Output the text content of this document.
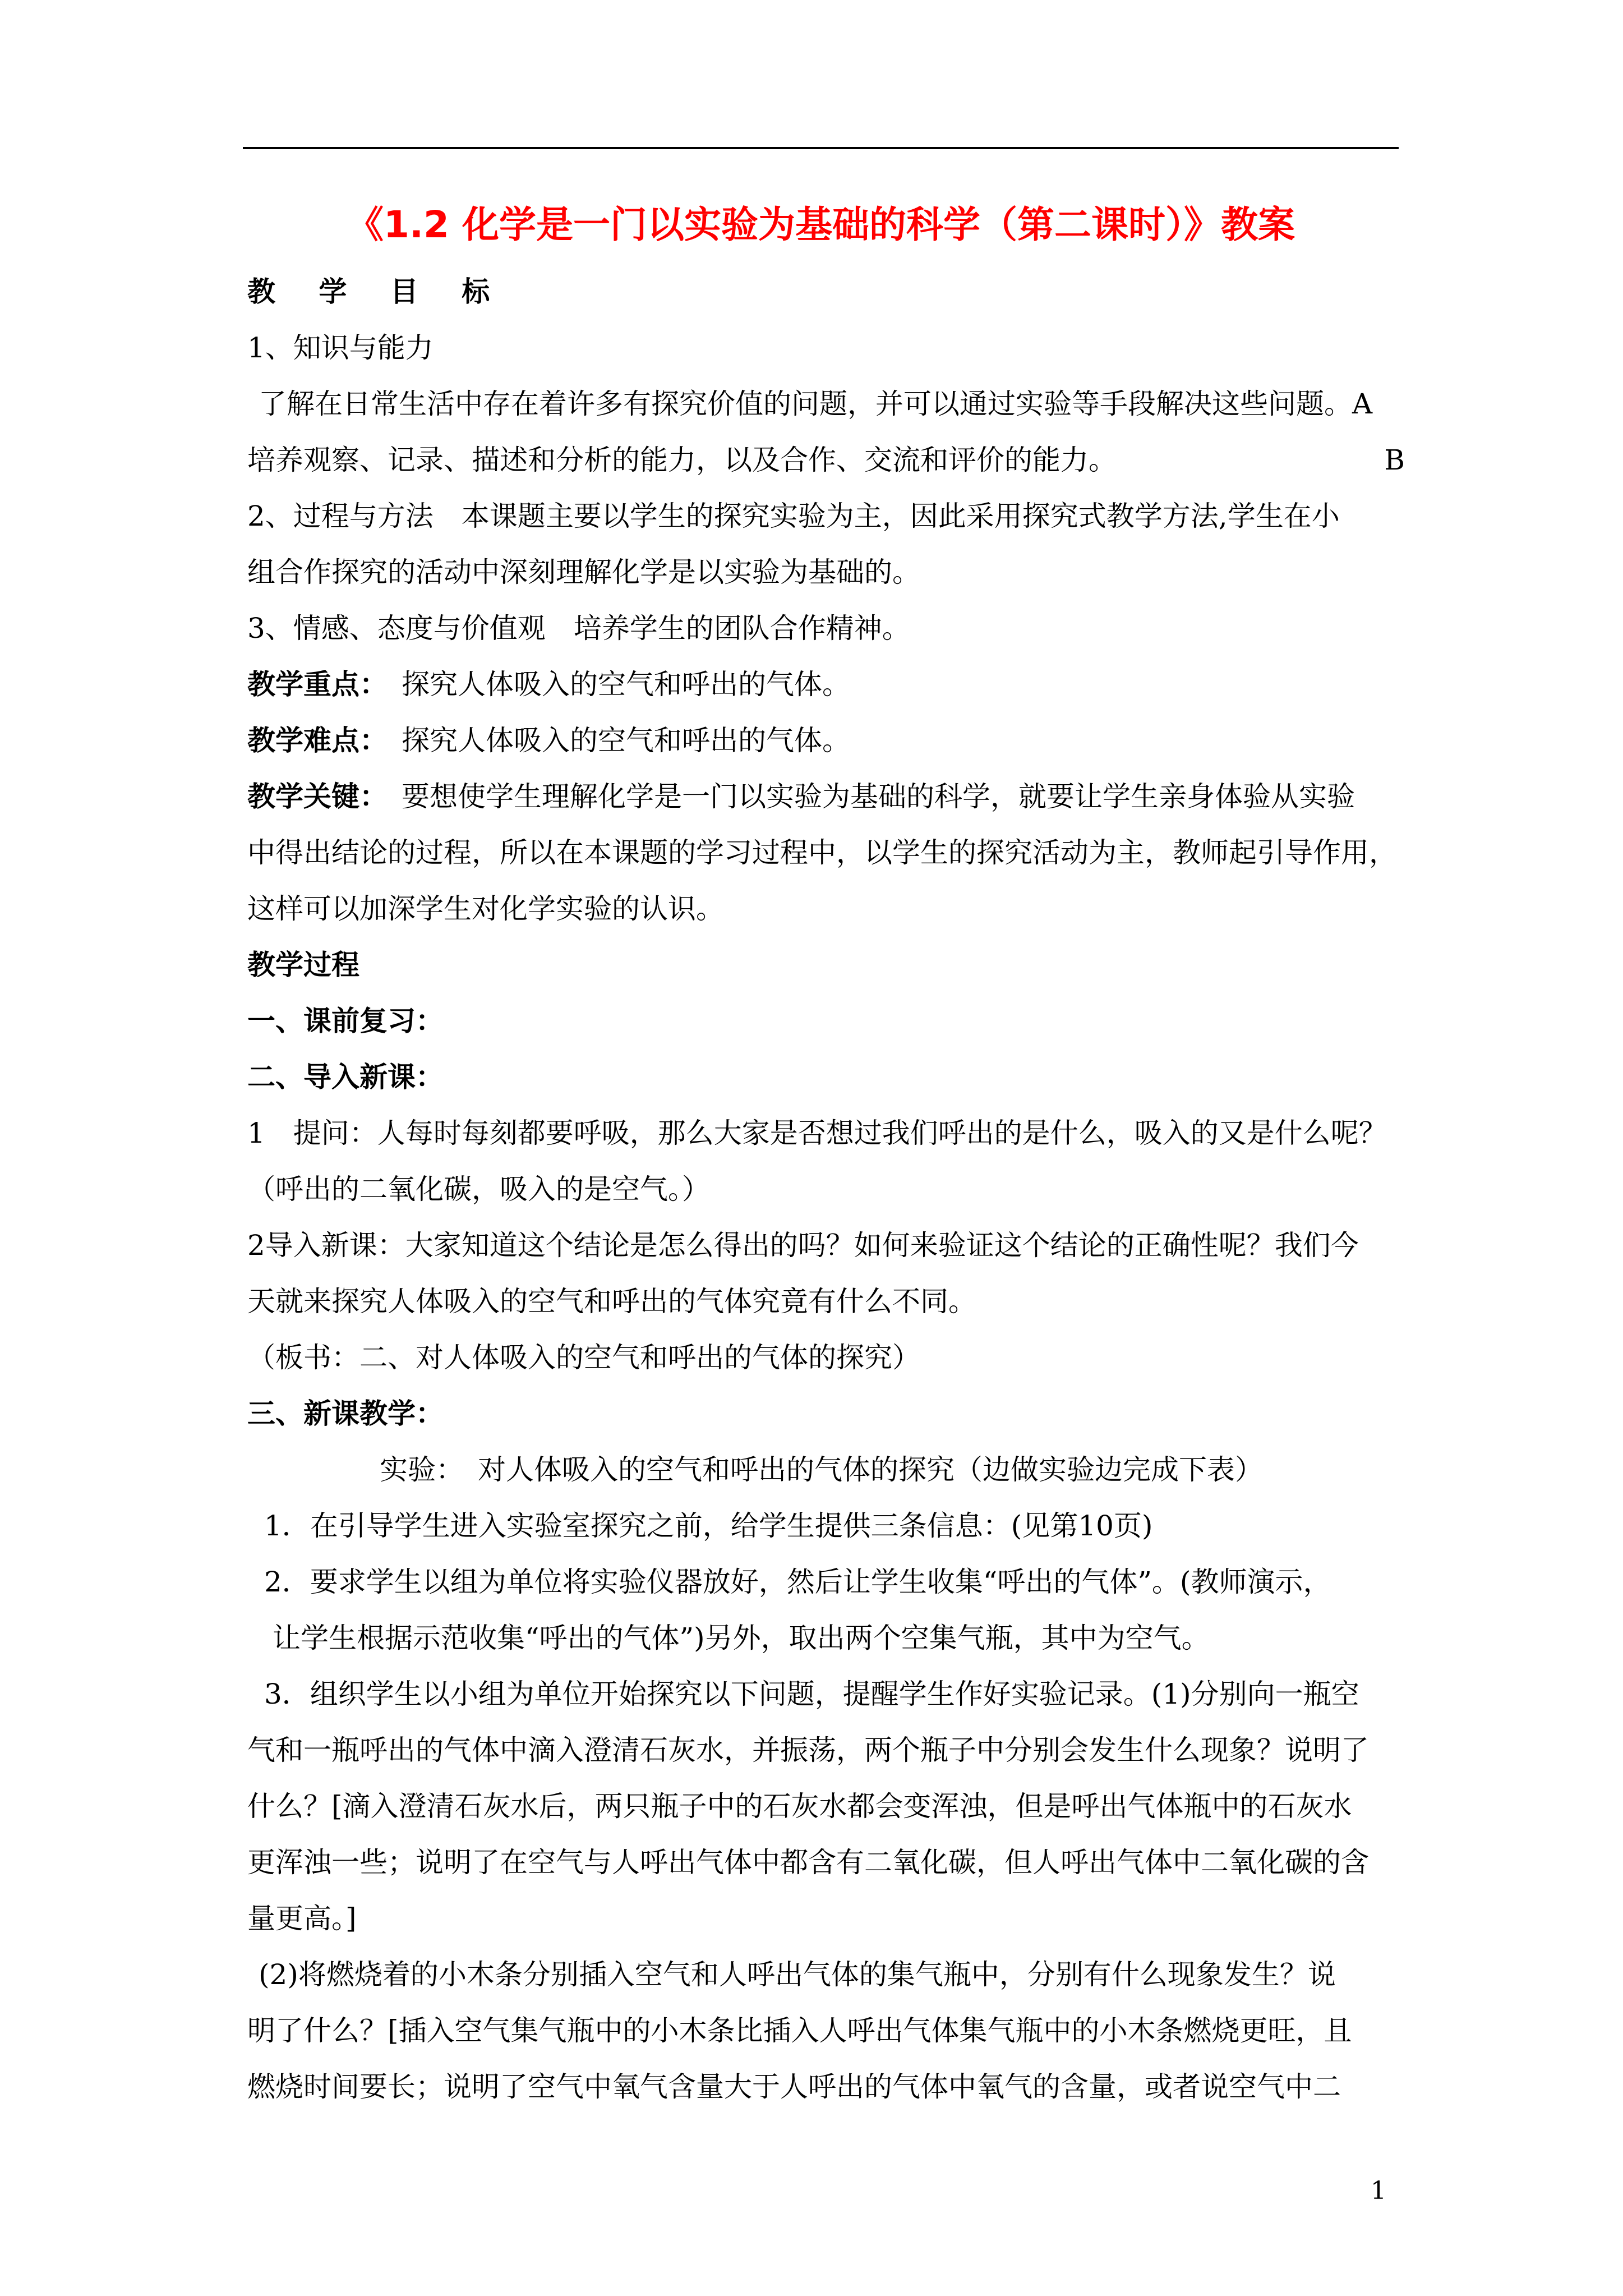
《1.2 化学是一门以实验为基础的科学（第二课时）》教案
教 学 目 标
1、知识与能力
了解在日常生活中存在着许多有探究价值的问题，并可以通过实验等手段解决这些问题。A
培养观察、记录、描述和分析的能力，以及合作、交流和评价的能力。	B
2、过程与方法　本课题主要以学生的探究实验为主，因此采用探究式教学方法,学生在小
组合作探究的活动中深刻理解化学是以实验为基础的。
3、情感、态度与价值观　培养学生的团队合作精神。
教学重点：　探究人体吸入的空气和呼出的气体。
教学难点：　探究人体吸入的空气和呼出的气体。
教学关键：　要想使学生理解化学是一门以实验为基础的科学，就要让学生亲身体验从实验
中得出结论的过程，所以在本课题的学习过程中，以学生的探究活动为主，教师起引导作用，
这样可以加深学生对化学实验的认识。
教学过程
一、课前复习：
二、导入新课：
1　提问：人每时每刻都要呼吸，那么大家是否想过我们呼出的是什么，吸入的又是什么呢？
（呼出的二氧化碳，吸入的是空气。）
2导入新课：大家知道这个结论是怎么得出的吗？如何来验证这个结论的正确性呢？我们今
天就来探究人体吸入的空气和呼出的气体究竟有什么不同。
（板书：二、对人体吸入的空气和呼出的气体的探究）
三、新课教学：
实验：　对人体吸入的空气和呼出的气体的探究（边做实验边完成下表）
1．在引导学生进入实验室探究之前，给学生提供三条信息：(见第10页)
2．要求学生以组为单位将实验仪器放好，然后让学生收集“呼出的气体”。(教师演示，
让学生根据示范收集“呼出的气体”)另外，取出两个空集气瓶，其中为空气。
3．组织学生以小组为单位开始探究以下问题，提醒学生作好实验记录。(1)分别向一瓶空
气和一瓶呼出的气体中滴入澄清石灰水，并振荡，两个瓶子中分别会发生什么现象？说明了
什么？[滴入澄清石灰水后，两只瓶子中的石灰水都会变浑浊，但是呼出气体瓶中的石灰水
更浑浊一些；说明了在空气与人呼出气体中都含有二氧化碳，但人呼出气体中二氧化碳的含
量更高。]
(2)将燃烧着的小木条分别插入空气和人呼出气体的集气瓶中，分别有什么现象发生？说
明了什么？[插入空气集气瓶中的小木条比插入人呼出气体集气瓶中的小木条燃烧更旺，且
燃烧时间要长；说明了空气中氧气含量大于人呼出的气体中氧气的含量，或者说空气中二
1
